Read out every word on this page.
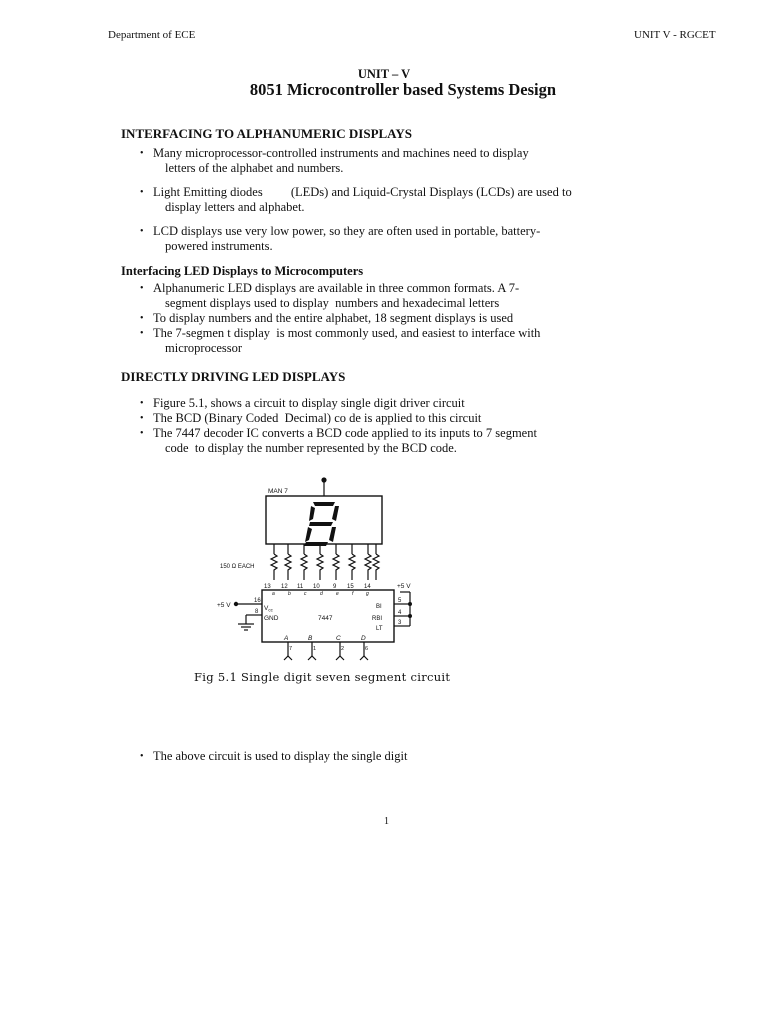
Department of ECE	UNIT V - RGCET
UNIT – V
8051 Microcontroller based Systems Design
INTERFACING TO ALPHANUMERIC DISPLAYS
• Many microprocessor-controlled instruments and machines need to display
letters of the alphabet and numbers.
• Light Emitting diodes         (LEDs) and Liquid-Crystal Displays (LCDs) are used to
display letters and alphabet.
• LCD displays use very low power, so they are often used in portable, battery-
powered instruments.
Interfacing LED Displays to Microcomputers
• Alphanumeric LED displays are available in three common formats. A 7-
segment displays used to display  numbers and hexadecimal letters
• To display numbers and the entire alphabet, 18 segment displays is used
• The 7-segmen t display  is most commonly used, and easiest to interface with
microprocessor
DIRECTLY DRIVING LED DISPLAYS
• Figure 5.1, shows a circuit to display single digit driver circuit
• The BCD (Binary Coded  Decimal) co de is applied to this circuit
• The 7447 decoder IC converts a BCD code applied to its inputs to 7 segment
code  to display the number represented by the BCD code.
MAN 7
150 Ω EACH
7447
+5 V
+5 V	$V_{cc}$
GND
16
8
13 12 11 10 9 15 14
a	b	c	d	e	f	g
5
4
3
BI
RBI
LT
A	B	C	D
7	1	2	6
Fig 5.1 Single digit seven segment circuit
• The above circuit is used to display the single digit
1
